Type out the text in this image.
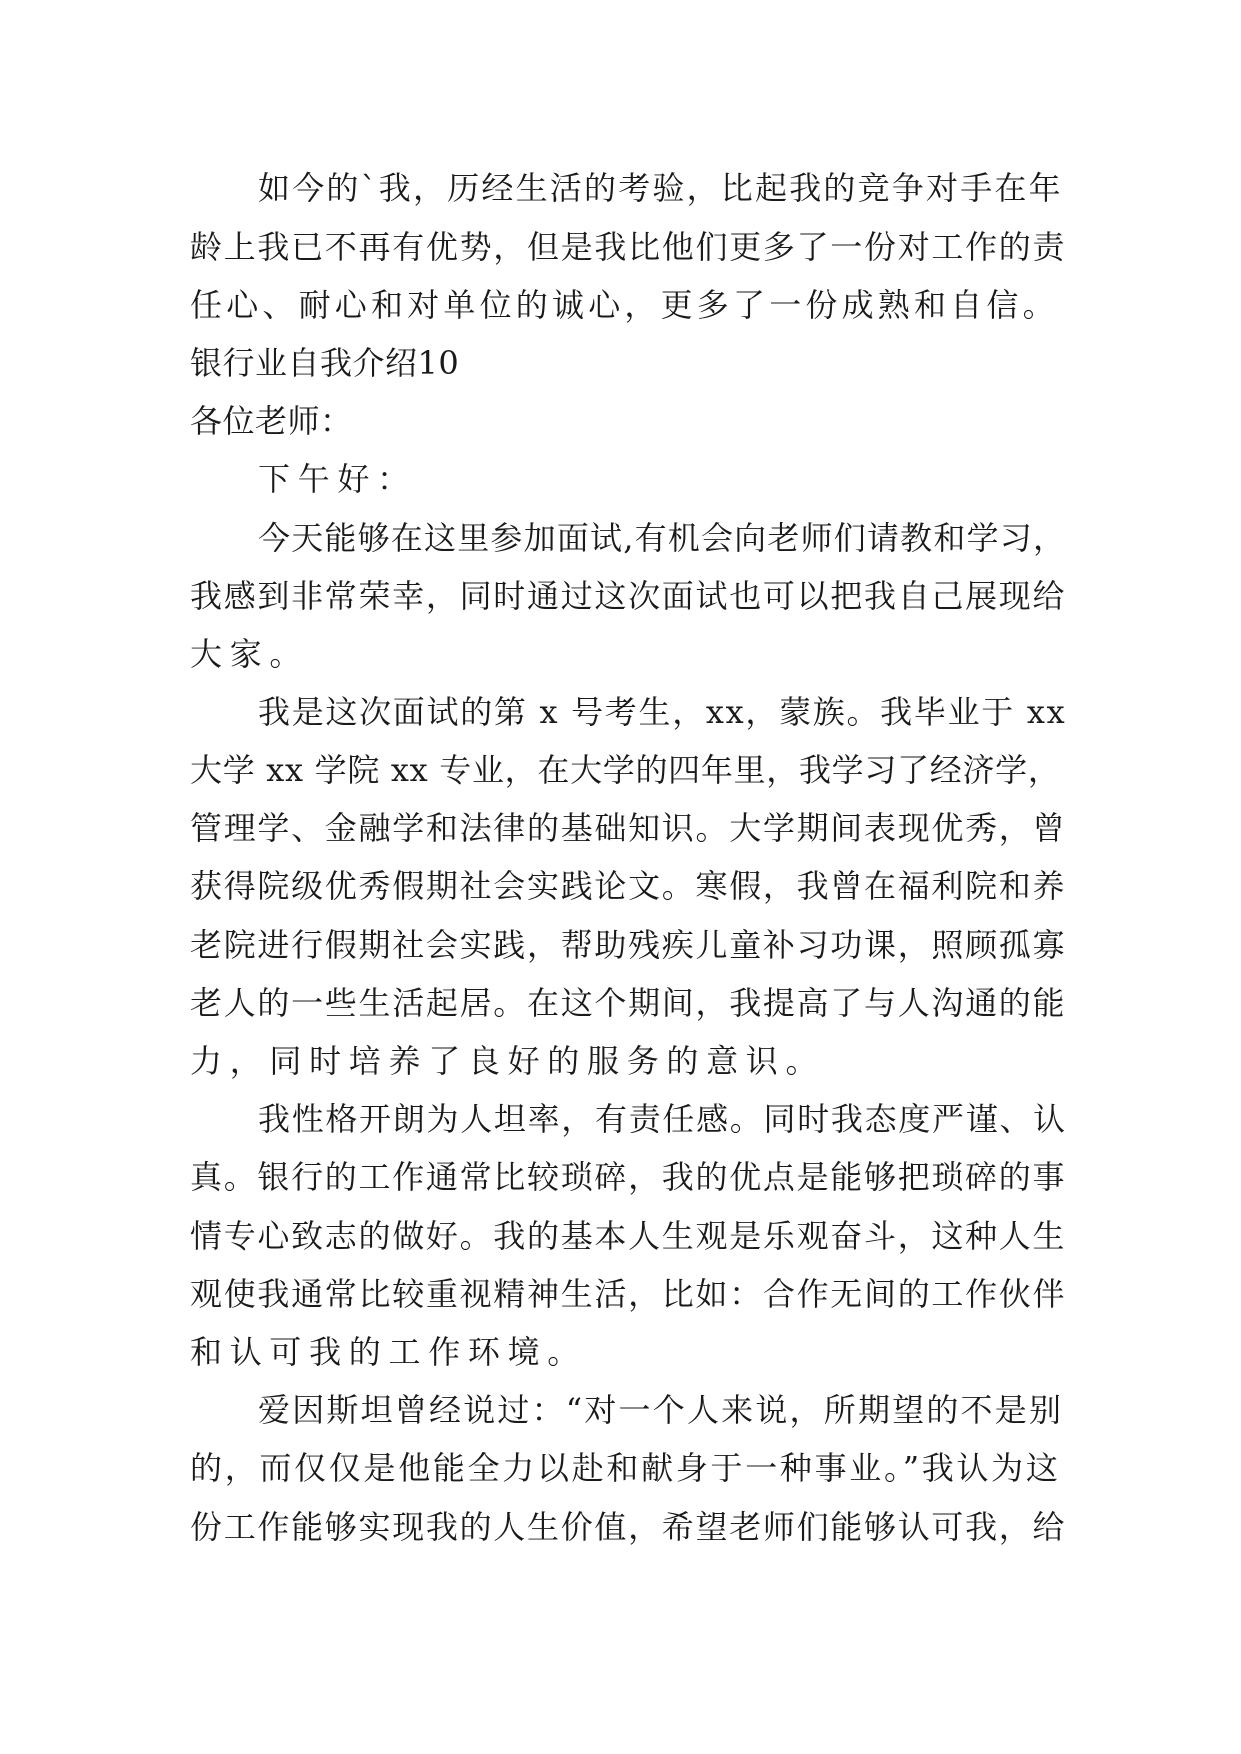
如今的`我，历经生活的考验，比起我的竞争对手在年
龄上我已不再有优势，但是我比他们更多了一份对工作的责
任心、耐心和对单位的诚心，更多了一份成熟和自信。
银行业自我介绍10
各位老师：
下午好：
今天能够在这里参加面试,有机会向老师们请教和学习，
我感到非常荣幸，同时通过这次面试也可以把我自己展现给
大家。
我是这次面试的第 x 号考生，xx，蒙族。我毕业于 xx
大学 xx 学院 xx 专业，在大学的四年里，我学习了经济学，
管理学、金融学和法律的基础知识。大学期间表现优秀，曾
获得院级优秀假期社会实践论文。寒假，我曾在福利院和养
老院进行假期社会实践，帮助残疾儿童补习功课，照顾孤寡
老人的一些生活起居。在这个期间，我提高了与人沟通的能
力，同时培养了良好的服务的意识。
我性格开朗为人坦率，有责任感。同时我态度严谨、认
真。银行的工作通常比较琐碎，我的优点是能够把琐碎的事
情专心致志的做好。我的基本人生观是乐观奋斗，这种人生
观使我通常比较重视精神生活，比如：合作无间的工作伙伴
和认可我的工作环境。
爱因斯坦曾经说过：“对一个人来说，所期望的不是别
的，而仅仅是他能全力以赴和献身于一种事业。”我认为这
份工作能够实现我的人生价值，希望老师们能够认可我，给
